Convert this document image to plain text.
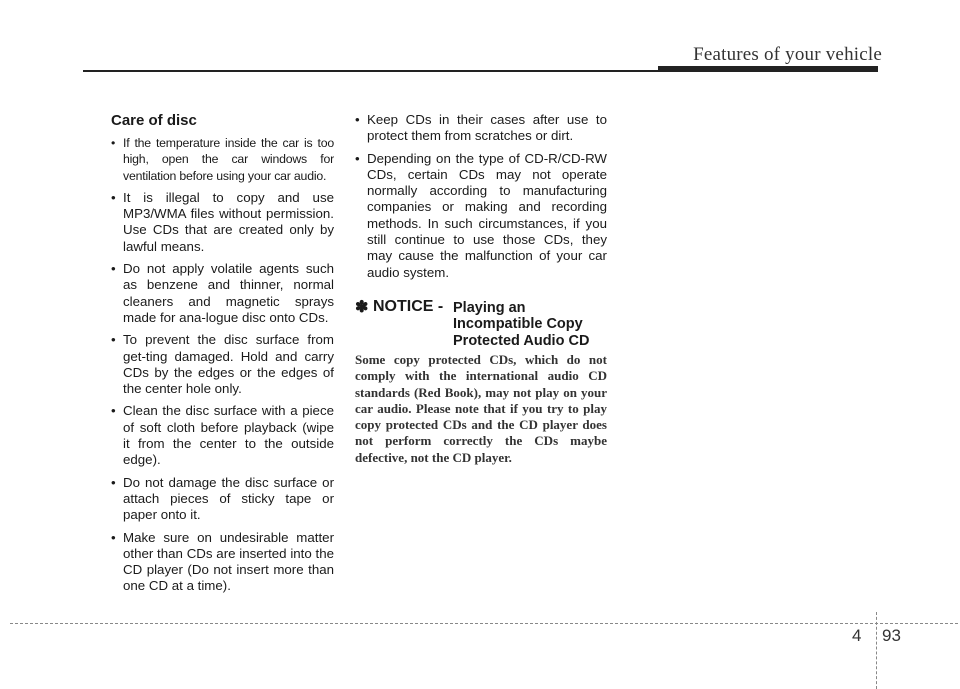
Features of your vehicle
Care of disc
• If the temperature inside the car is too high, open the car windows for ventilation before using your car audio.
• It is illegal to copy and use MP3/WMA files without permission. Use CDs that are created only by lawful means.
• Do not apply volatile agents such as benzene and thinner, normal cleaners and magnetic sprays made for ana-logue disc onto CDs.
• To prevent the disc surface from get-ting damaged. Hold and carry CDs by the edges or the edges of the center hole only.
• Clean the disc surface with a piece of soft cloth before playback (wipe it from the center to the outside edge).
• Do not damage the disc surface or attach pieces of sticky tape or paper onto it.
• Make sure on undesirable matter other than CDs are inserted into the CD player (Do not insert more than one CD at a time).
• Keep CDs in their cases after use to protect them from scratches or dirt.
• Depending on the type of CD-R/CD-RW CDs, certain CDs may not operate normally according to manufacturing companies or making and recording methods. In such circumstances, if you still continue to use those CDs, they may cause the malfunction of your car audio system.
✽ NOTICE - Playing an
Incompatible Copy
Protected Audio CD
Some copy protected CDs, which do not comply with the international audio CD standards (Red Book), may not play on your car audio. Please note that if you try to play copy protected CDs and the CD player does not perform correctly the CDs maybe defective, not the CD player.
4 93
